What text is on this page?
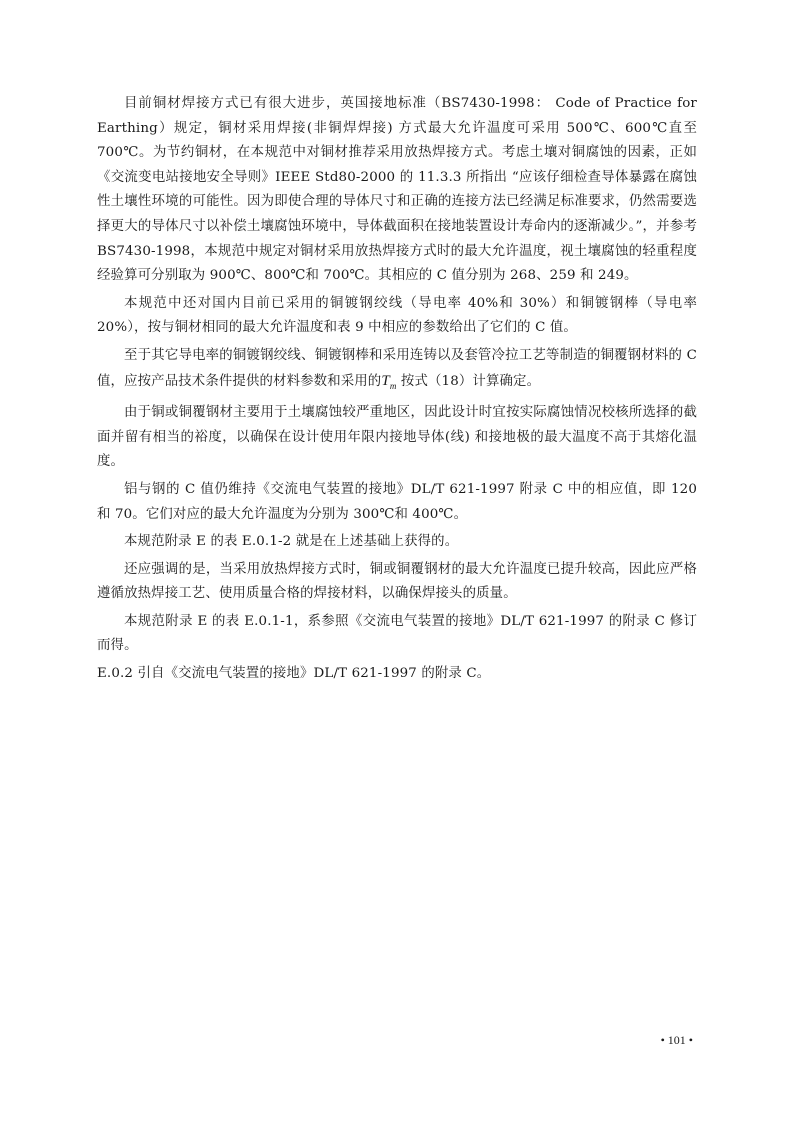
目前铜材焊接方式已有很大进步，英国接地标准（BS7430-1998： Code of Practice for Earthing）规定，铜材采用焊接(非铜焊焊接) 方式最大允许温度可采用 500℃、600℃直至 700℃。为节约铜材，在本规范中对铜材推荐采用放热焊接方式。考虑土壤对铜腐蚀的因素，正如《交流变电站接地安全导则》IEEE Std80-2000 的 11.3.3 所指出 “应该仔细检查导体暴露在腐蚀性土壤性环境的可能性。因为即使合理的导体尺寸和正确的连接方法已经满足标准要求，仍然需要选择更大的导体尺寸以补偿土壤腐蚀环境中，导体截面积在接地装置设计寿命内的逐渐减少。”，并参考 BS7430-1998，本规范中规定对铜材采用放热焊接方式时的最大允许温度，视土壤腐蚀的轻重程度经验算可分别取为 900℃、800℃和 700℃。其相应的 C 值分别为 268、259 和 249。

本规范中还对国内目前已采用的铜镀钢绞线（导电率 40%和 30%）和铜镀钢棒（导电率 20%），按与铜材相同的最大允许温度和表 9 中相应的参数给出了它们的 C 值。

至于其它导电率的铜镀钢绞线、铜镀钢棒和采用连铸以及套管冷拉工艺等制造的铜覆钢材料的 C 值，应按产品技术条件提供的材料参数和采用的$T_m$ 按式（18）计算确定。

由于铜或铜覆钢材主要用于土壤腐蚀较严重地区，因此设计时宜按实际腐蚀情况校核所选择的截面并留有相当的裕度，以确保在设计使用年限内接地导体(线) 和接地极的最大温度不高于其熔化温度。

铝与钢的 C 值仍维持《交流电气装置的接地》DL/T 621-1997 附录 C 中的相应值，即 120 和 70。它们对应的最大允许温度为分别为 300℃和 400℃。

本规范附录 E 的表 E.0.1-2 就是在上述基础上获得的。

还应强调的是，当采用放热焊接方式时，铜或铜覆钢材的最大允许温度已提升较高，因此应严格遵循放热焊接工艺、使用质量合格的焊接材料，以确保焊接头的质量。

本规范附录 E 的表 E.0.1-1，系参照《交流电气装置的接地》DL/T 621-1997 的附录 C 修订而得。

E.0.2 引自《交流电气装置的接地》DL/T 621-1997 的附录 C。

• 101 •
